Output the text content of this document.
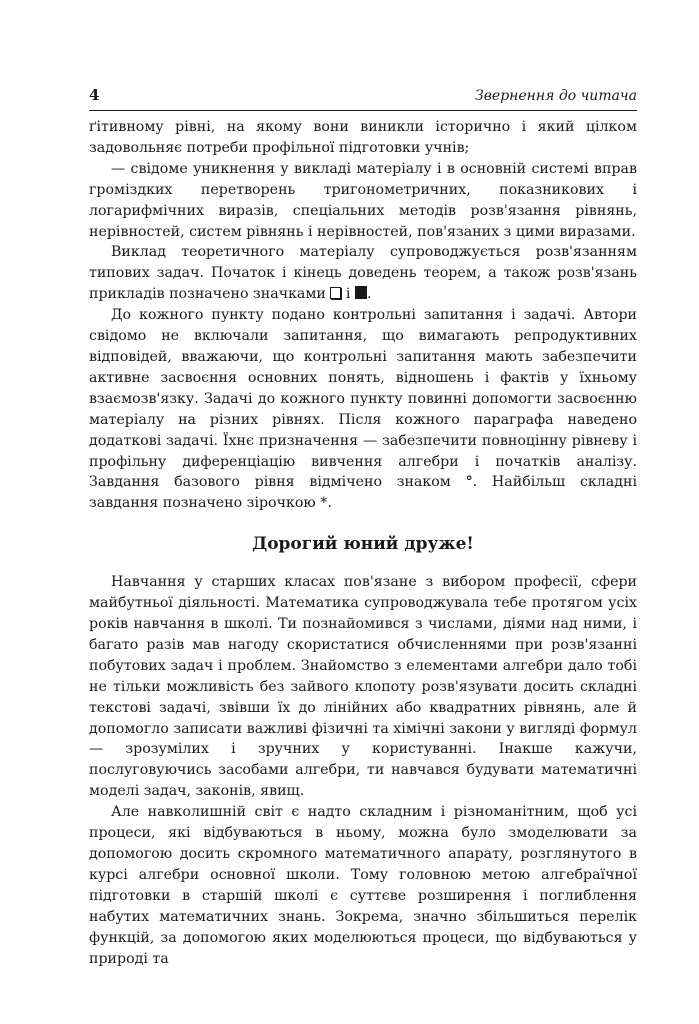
4	Звернення до читача

ґітивному рівні, на якому вони виникли історично і який цілком задовольняє потреби профільної підготовки учнів;

— свідоме уникнення у викладі матеріалу і в основній системі вправ громіздких перетворень тригонометричних, показникових і логарифмічних виразів, спеціальних методів розв'язання рівнянь, нерівностей, систем рівнянь і нерівностей, пов'язаних з цими виразами.

Виклад теоретичного матеріалу супроводжується розв'язанням типових задач. Початок і кінець доведень теорем, а також розв'язань прикладів позначено значками  і .

До кожного пункту подано контрольні запитання і задачі. Автори свідомо не включали запитання, що вимагають репродуктивних відповідей, вважаючи, що контрольні запитання мають забезпечити активне засвоєння основних понять, відношень і фактів у їхньому взаємозв'язку. Задачі до кожного пункту повинні допомогти засвоєнню матеріалу на різних рівнях. Після кожного параграфа наведено додаткові задачі. Їхнє призначення — забезпечити повноцінну рівневу і профільну диференціацію вивчення алгебри і початків аналізу. Завдання базового рівня відмічено знаком °. Найбільш складні завдання позначено зірочкою *.

Дорогий юний друже!

Навчання у старших класах пов'язане з вибором професії, сфери майбутньої діяльності. Математика супроводжувала тебе протягом усіх років навчання в школі. Ти познайомився з числами, діями над ними, і багато разів мав нагоду скористатися обчисленнями при розв'язанні побутових задач і проблем. Знайомство з елементами алгебри дало тобі не тільки можливість без зайвого клопоту розв'язувати досить складні текстові задачі, звівши їх до лінійних або квадратних рівнянь, але й допомогло записати важливі фізичні та хімічні закони у вигляді формул — зрозумілих і зручних у користуванні. Інакше кажучи, послуговуючись засобами алгебри, ти навчався будувати математичні моделі задач, законів, явищ.

Але навколишній світ є надто складним і різноманітним, щоб усі процеси, які відбуваються в ньому, можна було змоделювати за допомогою досить скромного математичного апарату, розглянутого в курсі алгебри основної школи. Тому головною метою алгебраїчної підготовки в старшій школі є суттєве розширення і поглиблення набутих математичних знань. Зокрема, значно збільшиться перелік функцій, за допомогою яких моделюються процеси, що відбуваються у природі та
